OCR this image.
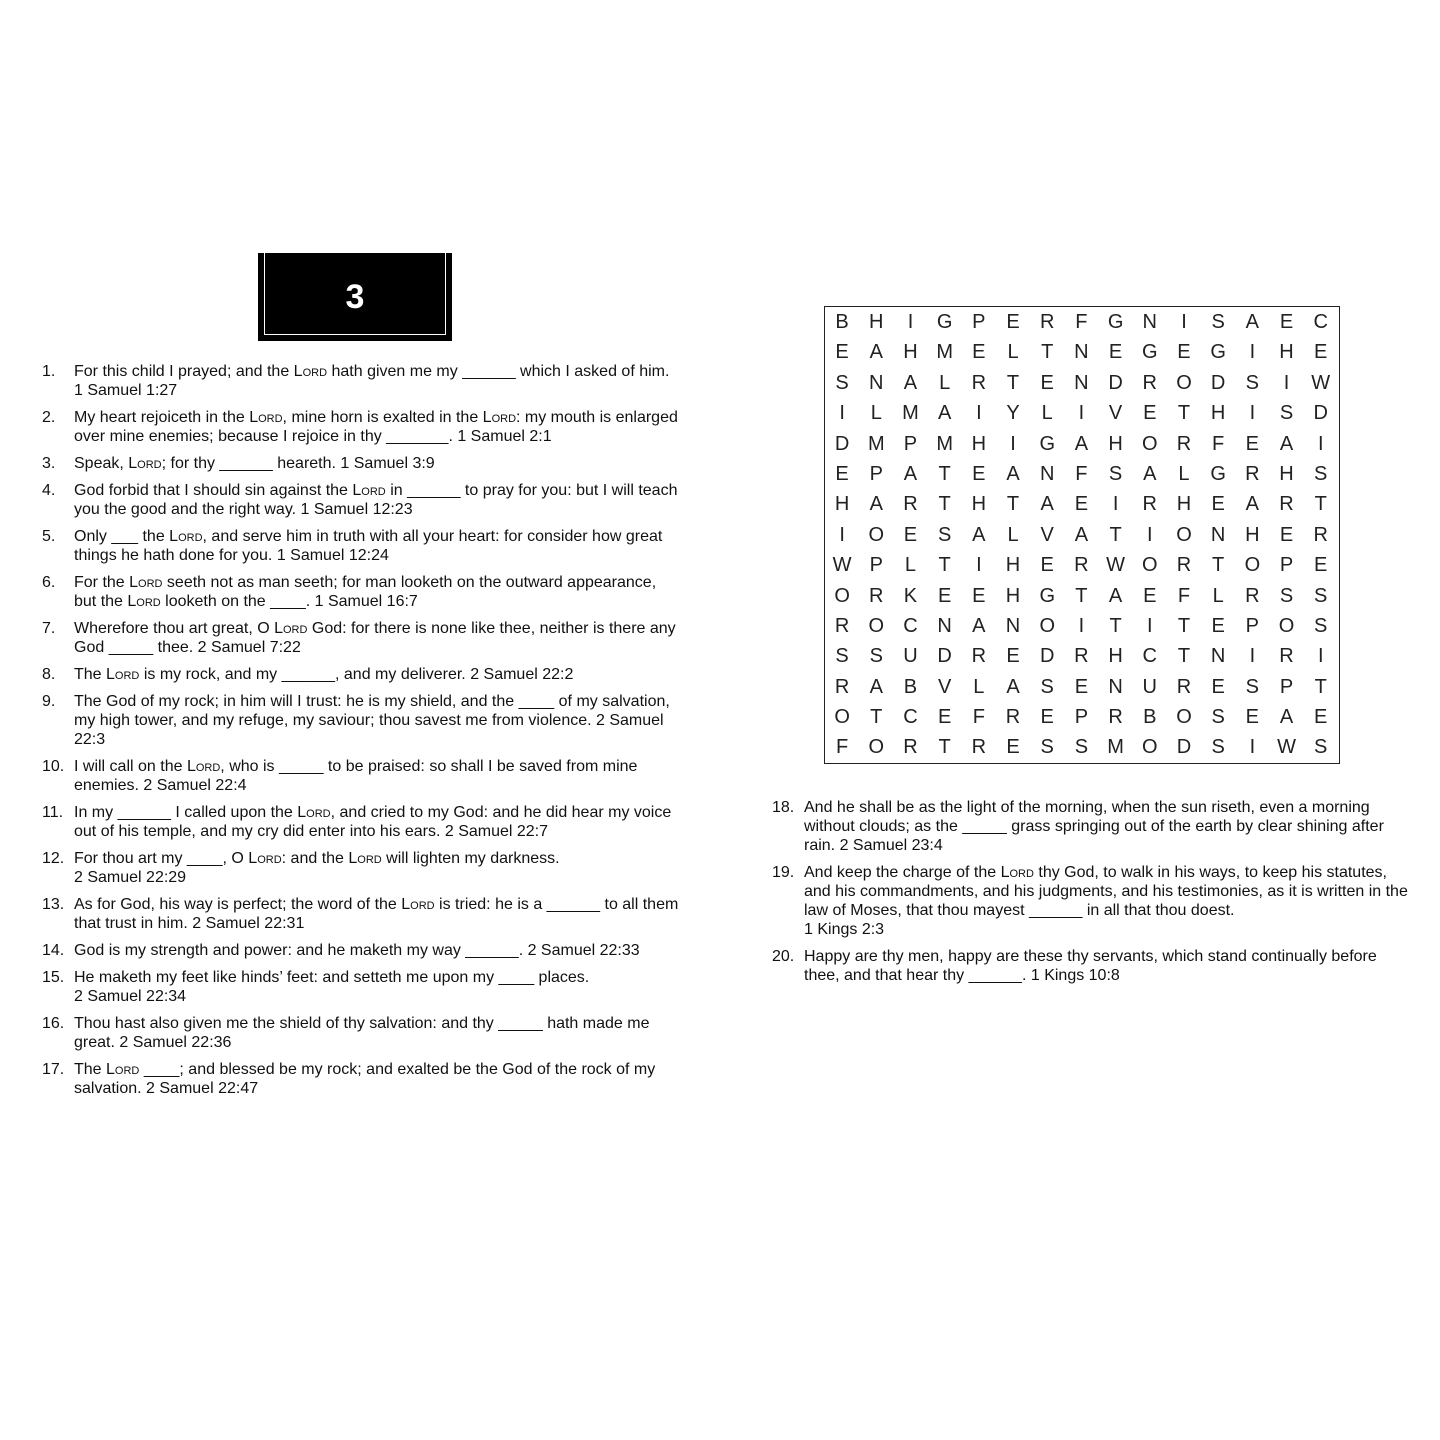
3
1. For this child I prayed; and the Lord hath given me my ______ which I asked of him. 1 Samuel 1:27
2. My heart rejoiceth in the Lord, mine horn is exalted in the Lord: my mouth is enlarged over mine enemies; because I rejoice in thy _______. 1 Samuel 2:1
3. Speak, Lord; for thy ______ heareth. 1 Samuel 3:9
4. God forbid that I should sin against the Lord in ______ to pray for you: but I will teach you the good and the right way. 1 Samuel 12:23
5. Only ___ the Lord, and serve him in truth with all your heart: for consider how great things he hath done for you. 1 Samuel 12:24
6. For the Lord seeth not as man seeth; for man looketh on the outward appearance, but the Lord looketh on the ____. 1 Samuel 16:7
7. Wherefore thou art great, O Lord God: for there is none like thee, neither is there any God _____ thee. 2 Samuel 7:22
8. The Lord is my rock, and my ______, and my deliverer. 2 Samuel 22:2
9. The God of my rock; in him will I trust: he is my shield, and the ____ of my salvation, my high tower, and my refuge, my saviour; thou savest me from violence. 2 Samuel 22:3
10. I will call on the Lord, who is _____ to be praised: so shall I be saved from mine enemies. 2 Samuel 22:4
11. In my ______ I called upon the Lord, and cried to my God: and he did hear my voice out of his temple, and my cry did enter into his ears. 2 Samuel 22:7
12. For thou art my ____, O Lord: and the Lord will lighten my darkness.
2 Samuel 22:29
13. As for God, his way is perfect; the word of the Lord is tried: he is a ______ to all them that trust in him. 2 Samuel 22:31
14. God is my strength and power: and he maketh my way ______. 2 Samuel 22:33
15. He maketh my feet like hinds’ feet: and setteth me upon my ____ places.
2 Samuel 22:34
16. Thou hast also given me the shield of thy salvation: and thy _____ hath made me great. 2 Samuel 22:36
17. The Lord ____; and blessed be my rock; and exalted be the God of the rock of my salvation. 2 Samuel 22:47
B	H	I	G P	E	R	F	G N	I	S	A	E	C
E	A	H M E	L	T	N	E G E G	I	H	E
S	N	A	L	R	T	E	N D R O D	S	I	W
I	L	M A	I	Y	L	I	V	E	T	H	I	S	D
D M P M H	I	G A	H O R	F	E	A	I
E	P	A	T	E	A	N	F	S	A	L	G R H	S
H	A	R	T	H	T	A	E	I	R H	E	A	R	T
I	O E	S	A	L	V	A	T	I	O N H	E	R
W P	L	T	I	H	E	R W O R	T	O P	E
O R	K	E	E	H G	T	A	E	F	L	R	S	S
R O C N	A	N O	I	T	I	T	E	P O S
S	S	U D R	E	D R H C	T	N	I	R	I
R	A	B	V	L	A	S	E	N U R	E	S	P	T
O	T	C	E	F	R	E	P	R	B O S	E	A	E
F	O R	T	R	E	S	S M O D	S	I	W S
18. And he shall be as the light of the morning, when the sun riseth, even a morning without clouds; as the _____ grass springing out of the earth by clear shining after rain. 2 Samuel 23:4
19. And keep the charge of the Lord thy God, to walk in his ways, to keep his statutes, and his commandments, and his judgments, and his testimonies, as it is written in the law of Moses, that thou mayest ______ in all that thou doest.
1 Kings 2:3
20. Happy are thy men, happy are these thy servants, which stand continually before thee, and that hear thy ______. 1 Kings 10:8
